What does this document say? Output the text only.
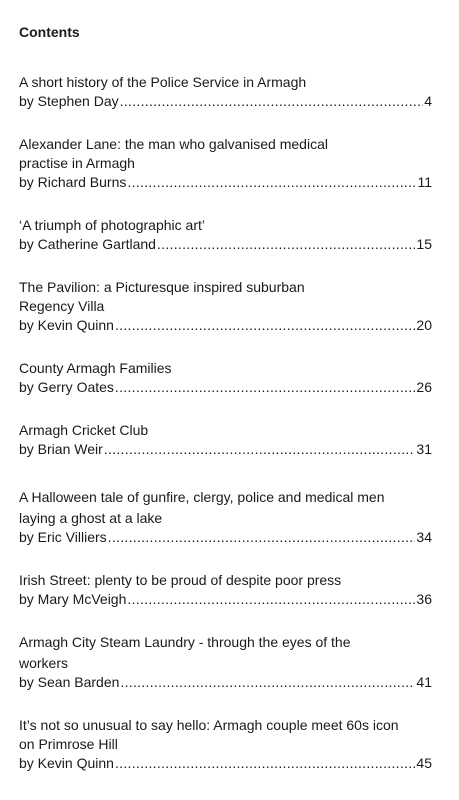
Contents
A short history of the Police Service in Armagh
by Stephen Day .....	4
Alexander Lane: the man who galvanised medical
practise in Armagh
by Richard Burns .....	11
‘A triumph of photographic art’
by Catherine Gartland .....	15
The Pavilion: a Picturesque inspired suburban
Regency Villa
by Kevin Quinn .....	20
County Armagh Families
by Gerry Oates .....	26
Armagh Cricket Club
by Brian Weir .....	31
A Halloween tale of gunfire, clergy, police and medical men
laying a ghost at a lake
by Eric Villiers .....	34
Irish Street: plenty to be proud of despite poor press
by Mary McVeigh .....	36
Armagh City Steam Laundry - through the eyes of the
workers
by Sean Barden .....	41
It’s not so unusual to say hello: Armagh couple meet 60s icon
on Primrose Hill
by Kevin Quinn .....	45
